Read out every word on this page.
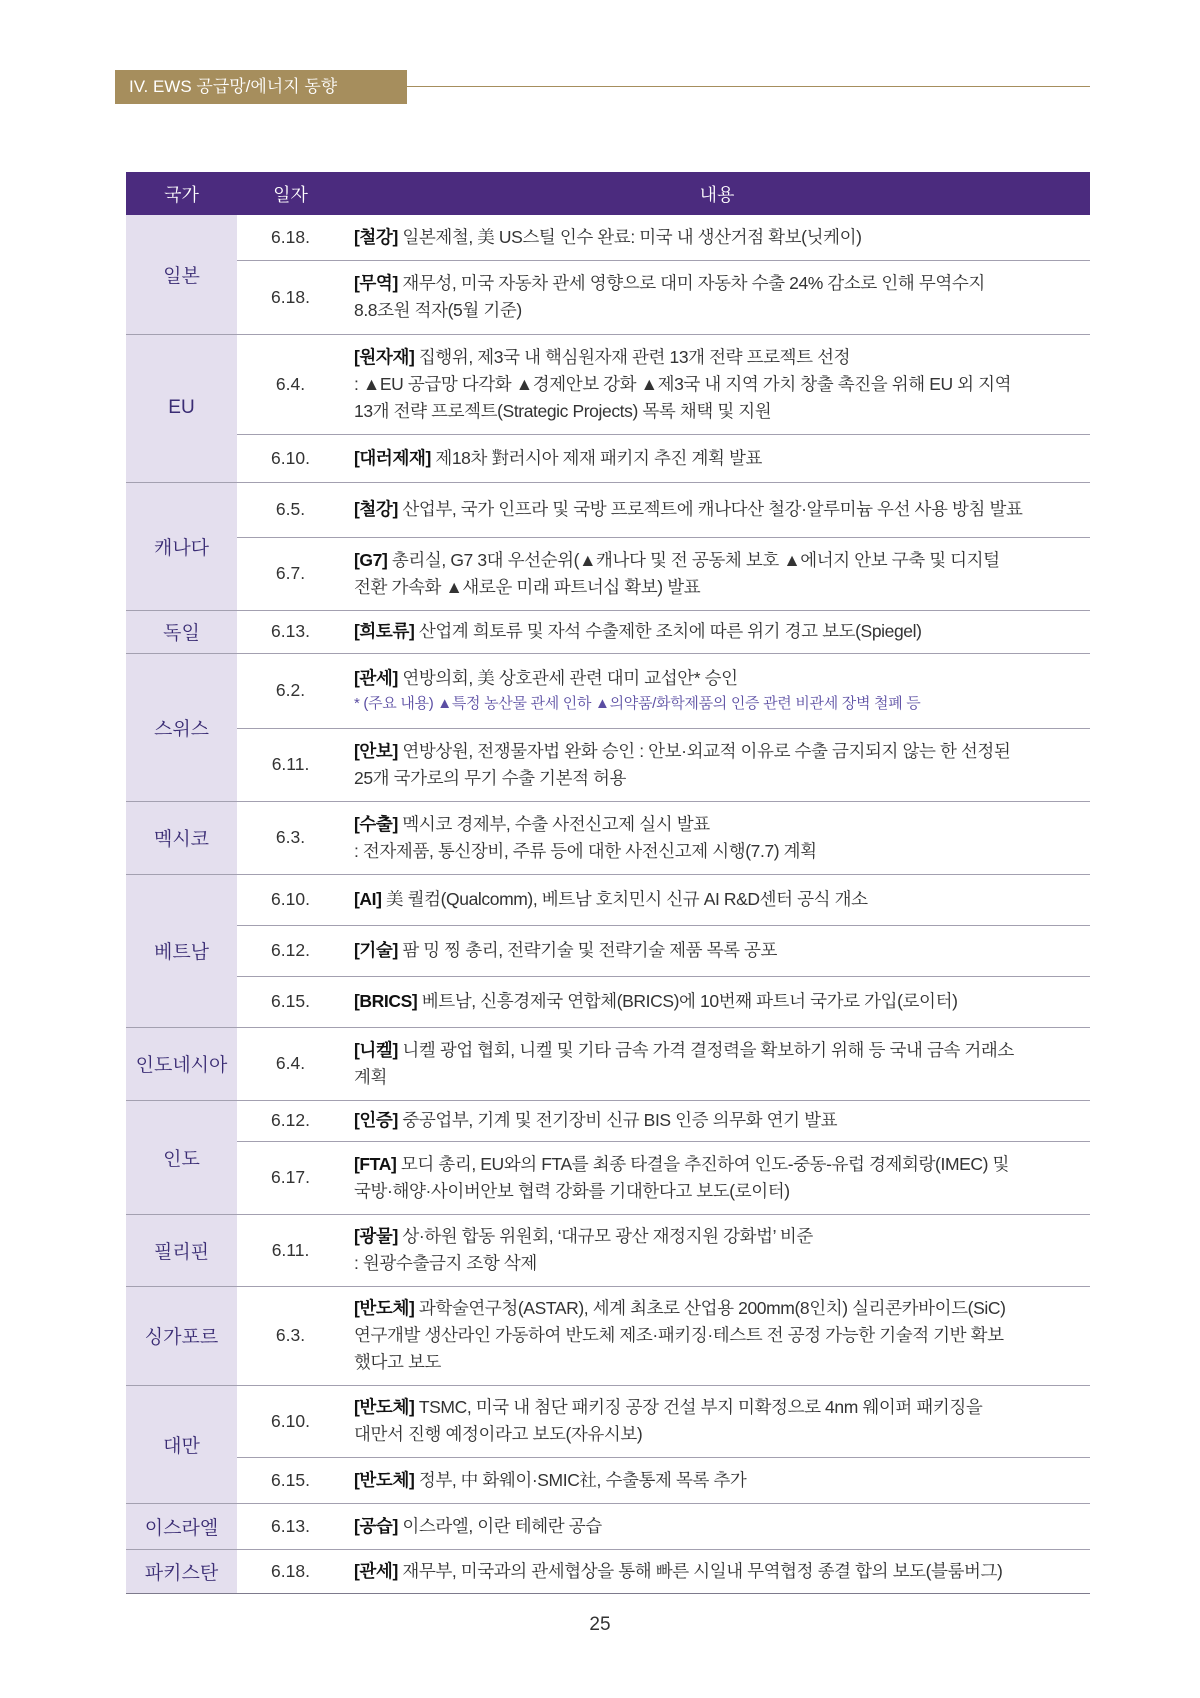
IV. EWS 공급망/에너지 동향
국가	일자	내용
일본	6.18.	[철강] 일본제철, 美 US스틸 인수 완료: 미국 내 생산거점 확보(닛케이)

	6.18.	[무역] 재무성, 미국 자동차 관세 영향으로 대미 자동차 수출 24% 감소로 인해 무역수지
8.8조원 적자(5월 기준)

EU	6.4.	[원자재] 집행위, 제3국 내 핵심원자재 관련 13개 전략 프로젝트 선정
: ▲EU 공급망 다각화 ▲경제안보 강화 ▲제3국 내 지역 가치 창출 촉진을 위해 EU 외 지역
13개 전략 프로젝트(Strategic Projects) 목록 채택 및 지원

	6.10.	[대러제재] 제18차 對러시아 제재 패키지 추진 계획 발표

캐나다	6.5.	[철강] 산업부, 국가 인프라 및 국방 프로젝트에 캐나다산 철강·알루미늄 우선 사용 방침 발표

	6.7.	[G7] 총리실, G7 3대 우선순위(▲캐나다 및 전 공동체 보호 ▲에너지 안보 구축 및 디지털
전환 가속화 ▲새로운 미래 파트너십 확보) 발표

독일	6.13.	[희토류] 산업계 희토류 및 자석 수출제한 조치에 따른 위기 경고 보도(Spiegel)

스위스	6.2.	[관세] 연방의회, 美 상호관세 관련 대미 교섭안* 승인
* (주요 내용) ▲특정 농산물 관세 인하 ▲의약품/화학제품의 인증 관련 비관세 장벽 철폐 등

	6.11.	[안보] 연방상원, 전쟁물자법 완화 승인 : 안보·외교적 이유로 수출 금지되지 않는 한 선정된
25개 국가로의 무기 수출 기본적 허용

멕시코	6.3.	[수출] 멕시코 경제부, 수출 사전신고제 실시 발표
: 전자제품, 통신장비, 주류 등에 대한 사전신고제 시행(7.7) 계획

베트남	6.10.	[AI] 美 퀄컴(Qualcomm), 베트남 호치민시 신규 AI R&D센터 공식 개소

	6.12.	[기술] 팜 밍 찡 총리, 전략기술 및 전략기술 제품 목록 공포

	6.15.	[BRICS] 베트남, 신흥경제국 연합체(BRICS)에 10번째 파트너 국가로 가입(로이터)

인도네시아	6.4.	[니켈] 니켈 광업 협회, 니켈 및 기타 금속 가격 결정력을 확보하기 위해 등 국내 금속 거래소
계획

인도	6.12.	[인증] 중공업부, 기계 및 전기장비 신규 BIS 인증 의무화 연기 발표

	6.17.	[FTA] 모디 총리, EU와의 FTA를 최종 타결을 추진하여 인도-중동-유럽 경제회랑(IMEC) 및
국방·해양·사이버안보 협력 강화를 기대한다고 보도(로이터)

필리핀	6.11.	[광물] 상·하원 합동 위원회, ‘대규모 광산 재정지원 강화법’ 비준
: 원광수출금지 조항 삭제

싱가포르	6.3.	[반도체] 과학술연구청(ASTAR), 세계 최초로 산업용 200mm(8인치) 실리콘카바이드(SiC)
연구개발 생산라인 가동하여 반도체 제조·패키징·테스트 전 공정 가능한 기술적 기반 확보
했다고 보도

대만	6.10.	[반도체] TSMC, 미국 내 첨단 패키징 공장 건설 부지 미확정으로 4nm 웨이퍼 패키징을
대만서 진행 예정이라고 보도(자유시보)

	6.15.	[반도체] 정부, 中 화웨이·SMIC社, 수출통제 목록 추가

이스라엘	6.13.	[공습] 이스라엘, 이란 테헤란 공습

파키스탄	6.18.	[관세] 재무부, 미국과의 관세협상을 통해 빠른 시일내 무역협정 종결 합의 보도(블룸버그)
25
